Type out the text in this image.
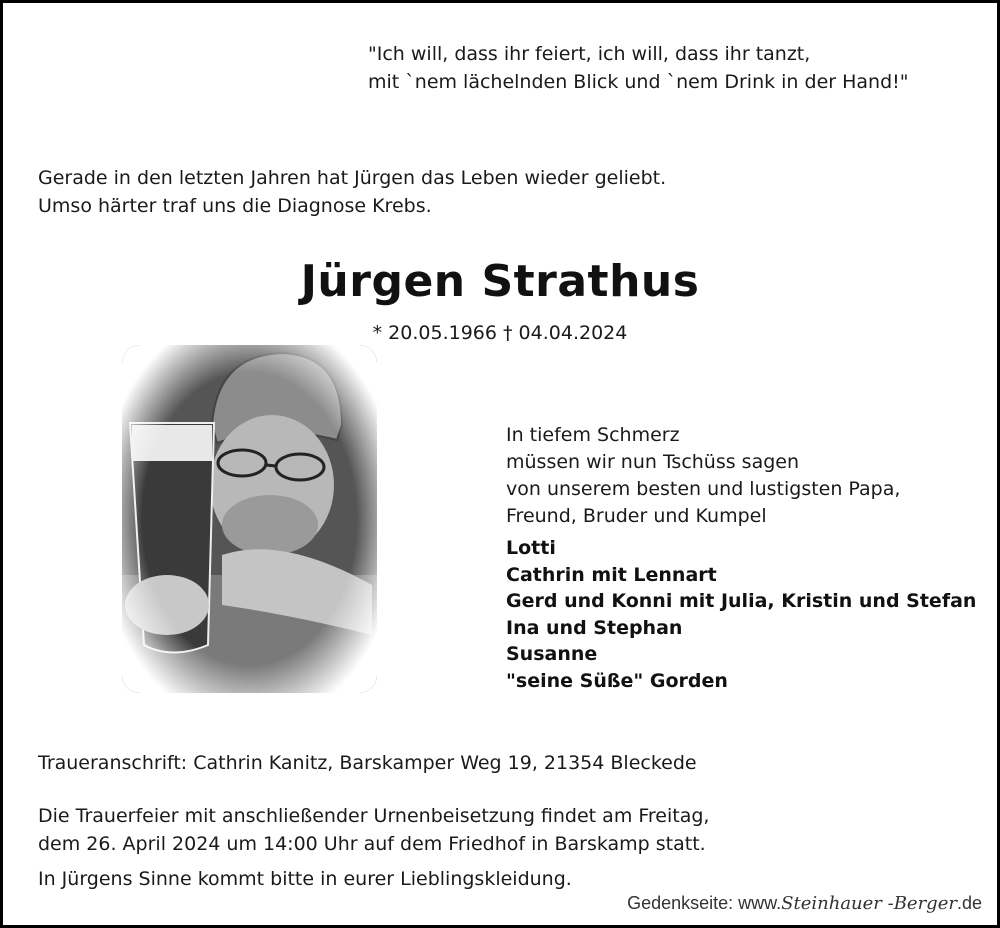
"Ich will, dass ihr feiert, ich will, dass ihr tanzt,
mit `nem lächelnden Blick und `nem Drink in der Hand!"
Gerade in den letzten Jahren hat Jürgen das Leben wieder geliebt.
Umso härter traf uns die Diagnose Krebs.
Jürgen Strathus
* 20.05.1966 † 04.04.2024
In tiefem Schmerz
müssen wir nun Tschüss sagen
von unserem besten und lustigsten Papa,
Freund, Bruder und Kumpel
Lotti
Cathrin mit Lennart
Gerd und Konni mit Julia, Kristin und Stefan
Ina und Stephan
Susanne
"seine Süße" Gorden
Traueranschrift: Cathrin Kanitz, Barskamper Weg 19, 21354 Bleckede
Die Trauerfeier mit anschließender Urnenbeisetzung findet am Freitag,
dem 26. April 2024 um 14:00 Uhr auf dem Friedhof in Barskamp statt.
In Jürgens Sinne kommt bitte in eurer Lieblingskleidung.
Gedenkseite: www.Steinhauer -Berger.de
